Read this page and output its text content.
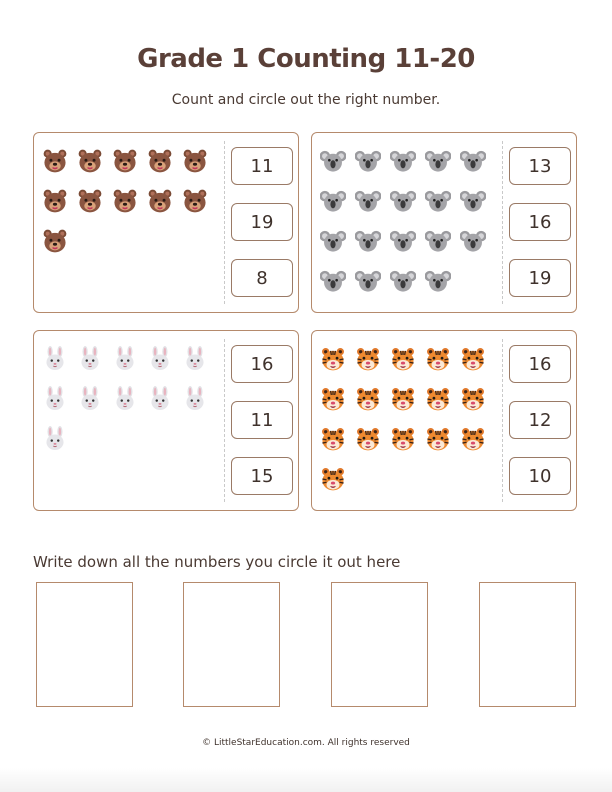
Grade 1 Counting 11-20
Count and circle out the right number.
11
19
8
13
16
19
16
11
15
16
12
10
Write down all the numbers you circle it out here
© LittleStarEducation.com. All rights reserved
